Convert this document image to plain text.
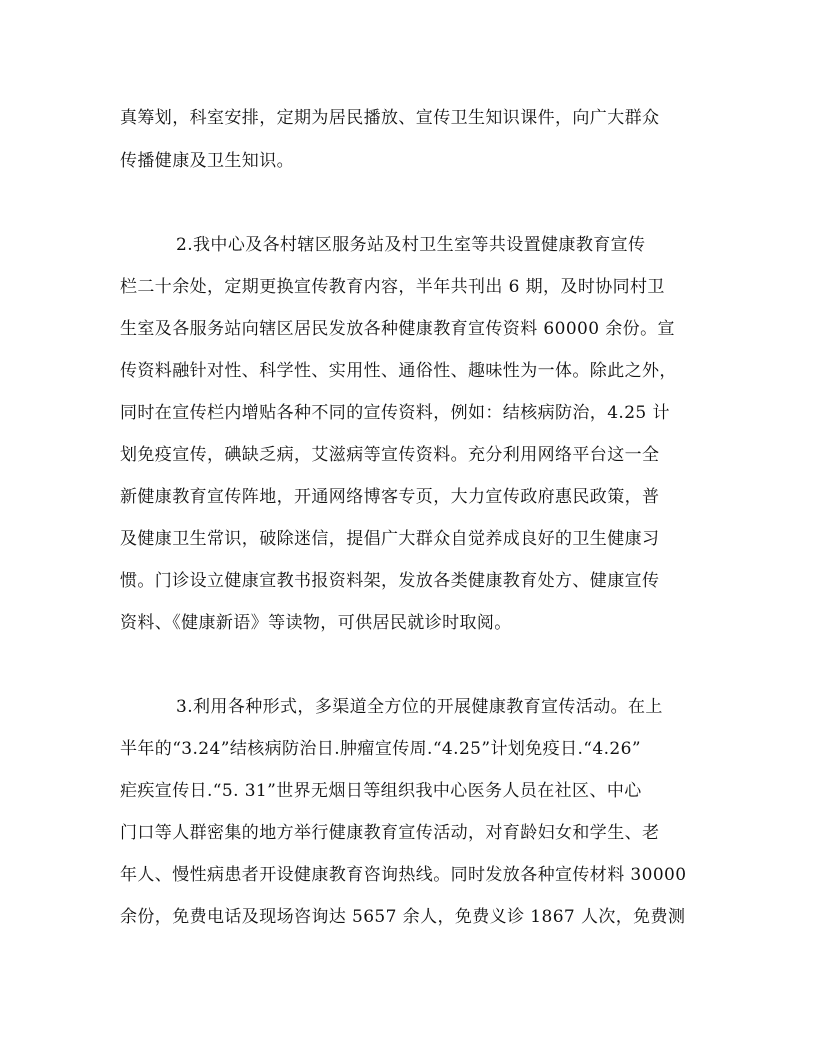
真筹划，科室安排，定期为居民播放、宣传卫生知识课件，向广大群众
传播健康及卫生知识。
2.我中心及各村辖区服务站及村卫生室等共设置健康教育宣传
栏二十余处，定期更换宣传教育内容，半年共刊出 6 期，及时协同村卫
生室及各服务站向辖区居民发放各种健康教育宣传资料 60000 余份。宣
传资料融针对性、科学性、实用性、通俗性、趣味性为一体。除此之外，
同时在宣传栏内增贴各种不同的宣传资料，例如：结核病防治，4.25 计
划免疫宣传，碘缺乏病，艾滋病等宣传资料。充分利用网络平台这一全
新健康教育宣传阵地，开通网络博客专页，大力宣传政府惠民政策，普
及健康卫生常识，破除迷信，提倡广大群众自觉养成良好的卫生健康习
惯。门诊设立健康宣教书报资料架，发放各类健康教育处方、健康宣传
资料、《健康新语》等读物，可供居民就诊时取阅。
3.利用各种形式，多渠道全方位的开展健康教育宣传活动。在上
半年的“3.24”结核病防治日.肿瘤宣传周.“4.25”计划免疫日.“4.26”
疟疾宣传日.“5. 31”世界无烟日等组织我中心医务人员在社区、中心
门口等人群密集的地方举行健康教育宣传活动，对育龄妇女和学生、老
年人、慢性病患者开设健康教育咨询热线。同时发放各种宣传材料 30000
余份，免费电话及现场咨询达 5657 余人，免费义诊 1867 人次，免费测
